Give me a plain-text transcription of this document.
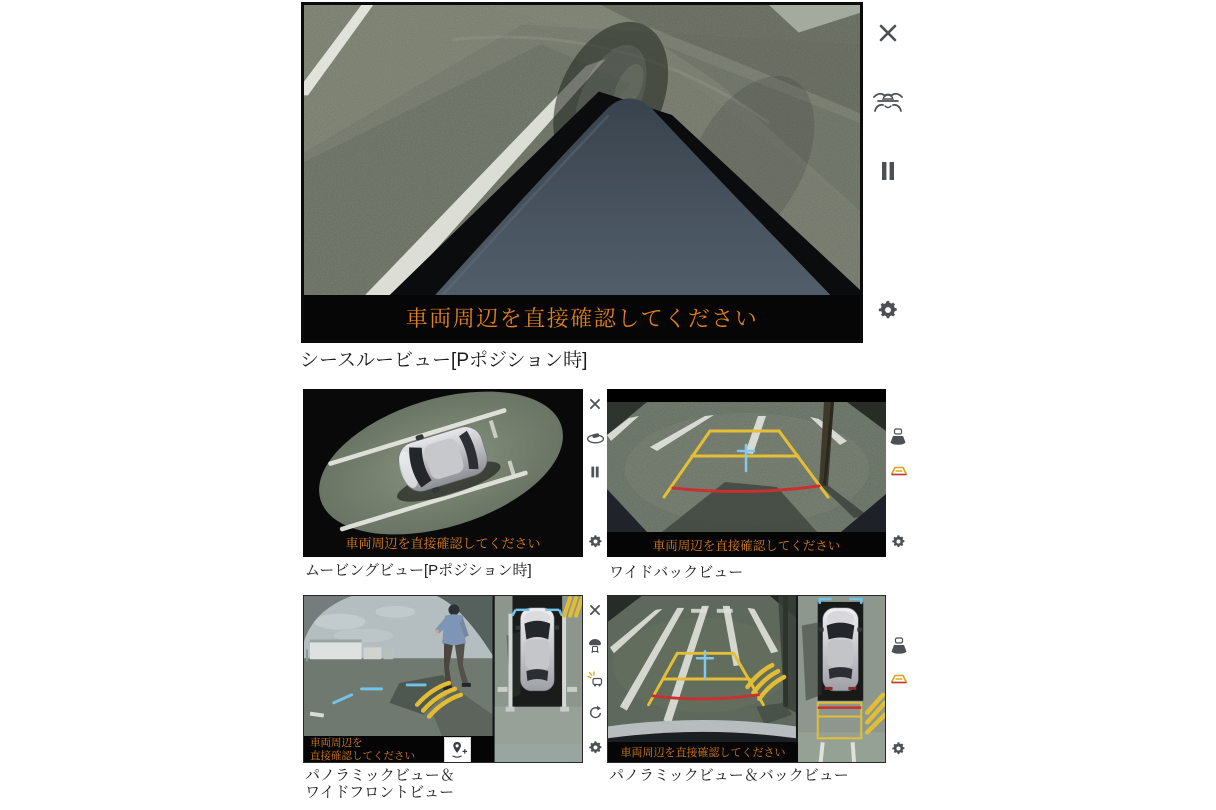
車両周辺を直接確認してください
シースルービュー[Pポジション時]
車両周辺を直接確認してください
ムービングビュー[Pポジション時]
車両周辺を直接確認してください
ワイドバックビュー
車両周辺を
直接確認してください
パノラミックビュー＆
ワイドフロントビュー
車両周辺を直接確認してください
パノラミックビュー＆バックビュー
